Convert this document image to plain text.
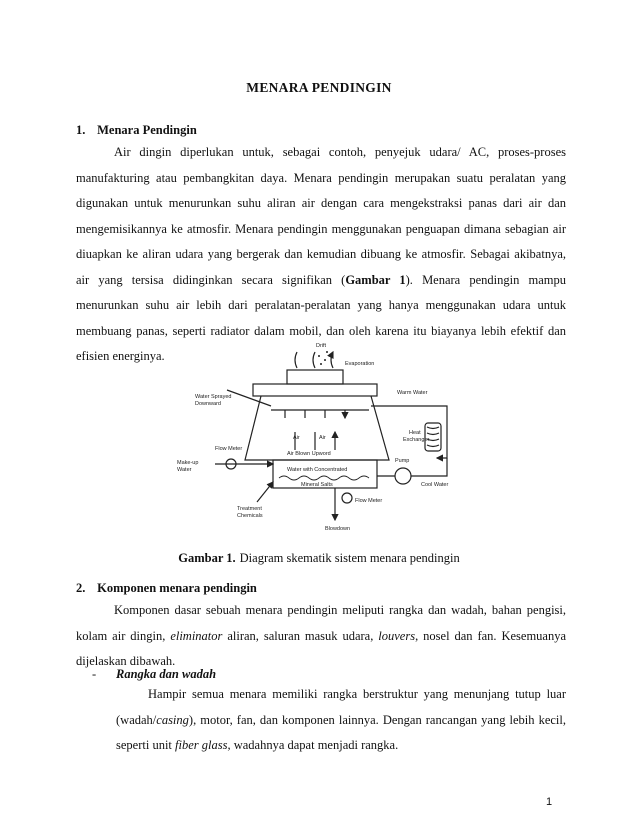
MENARA PENDINGIN
1. Menara Pendingin
Air dingin diperlukan untuk, sebagai contoh, penyejuk udara/ AC, proses-proses
manufakturing atau pembangkitan daya. Menara pendingin merupakan suatu peralatan yang
digunakan untuk menurunkan suhu aliran air dengan cara mengekstraksi panas dari air dan
mengemisikannya ke atmosfir. Menara pendingin menggunakan penguapan dimana sebagian air
diuapkan ke aliran udara yang bergerak dan kemudian dibuang ke atmosfir. Sebagai akibatnya,
air yang tersisa didinginkan secara signifikan (Gambar 1). Menara pendingin mampu
menurunkan suhu air lebih dari peralatan-peralatan yang hanya menggunakan udara untuk
membuang panas, seperti radiator dalam mobil, dan oleh karena itu biayanya lebih efektif dan
efisien energinya.
Drift
Evaporation
Warm Water
Water Sprayed
Downward
Air	Air
Air Blown Upword
Heat
Exchanger
Flow Meter
Make-up
Water
Pump
Water with Concentrated
Mineral Salts	Cool Water
Treatment
Chemicals
Flow Meter
Blowdown
Gambar 1. Diagram skematik sistem menara pendingin
2. Komponen menara pendingin
Komponen dasar sebuah menara pendingin meliputi rangka dan wadah, bahan pengisi,
kolam air dingin, eliminator aliran, saluran masuk udara, louvers, nosel dan fan. Kesemuanya
dijelaskan dibawah.
- Rangka dan wadah
Hampir semua menara memiliki rangka berstruktur yang menunjang tutup luar
(wadah/casing), motor, fan, dan komponen lainnya. Dengan rancangan yang lebih kecil,
seperti unit fiber glass, wadahnya dapat menjadi rangka.
1
